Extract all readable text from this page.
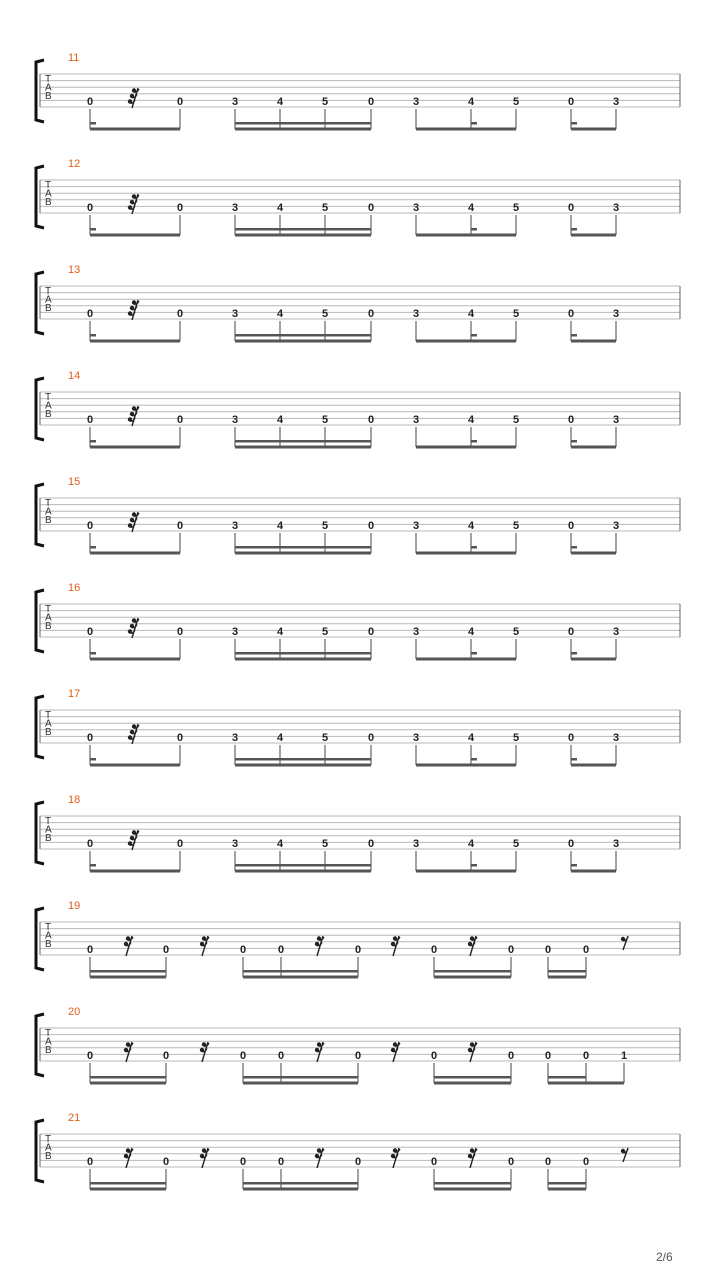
11
T
A
B	0	0	3	4	5	0	3	4	5	0	3
12
T
A
B	0	0	3	4	5	0	3	4	5	0	3
13
T
A
B	0	0	3	4	5	0	3	4	5	0	3
14
T
A
B	0	0	3	4	5	0	3	4	5	0	3
15
T
A
B	0	0	3	4	5	0	3	4	5	0	3
16
T
A
B	0	0	3	4	5	0	3	4	5	0	3
17
T
A
B	0	0	3	4	5	0	3	4	5	0	3
18
T
A
B	0	0	3	4	5	0	3	4	5	0	3
19
T
A
B	0	0	0	0	0	0	0	0	0
20
T
A
B	0	0	0	0	0	0	0	0	0	1
21
T
A
B	0	0	0	0	0	0	0	0	0
2/6
